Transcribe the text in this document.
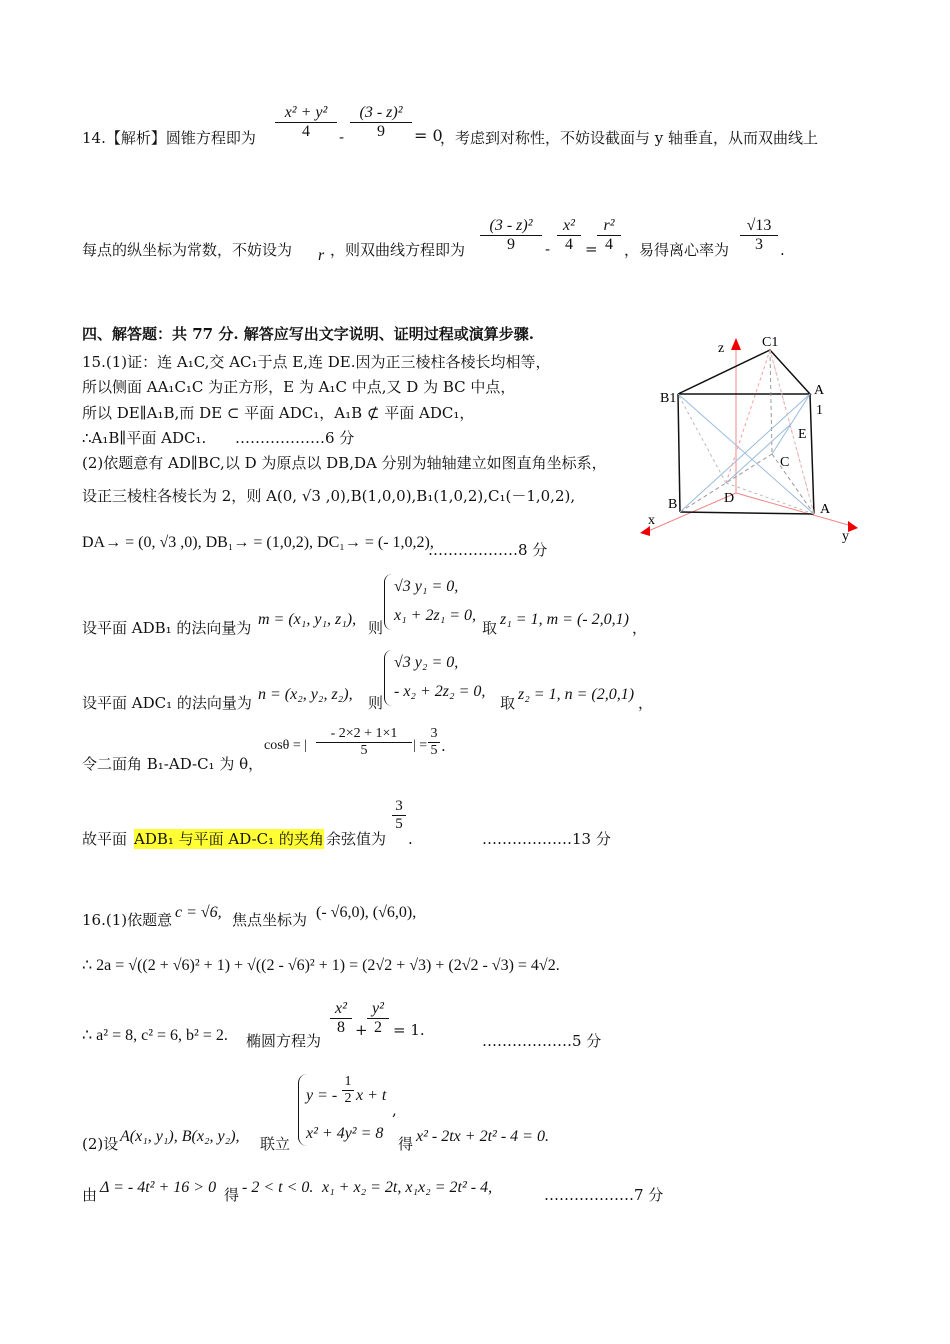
14.【解析】圆锥方程即为
x² + y²
4	-
(3 - z)²
9	= 0
，考虑到对称性，不妨设截面与 y 轴垂直，从而双曲线上
每点的纵坐标为常数，不妨设为 r ，则双曲线方程即为
(3 - z)²
9	-
x²
4 =
r²
4 ，易得离心率为
√13
3	.
四、解答题：共 77 分. 解答应写出文字说明、证明过程或演算步骤.
15.(1)证：连 A₁C,交 AC₁于点 E,连 DE.因为正三棱柱各棱长均相等，
所以侧面 AA₁C₁C 为正方形，E 为 A₁C 中点,又 D 为 BC 中点，
所以 DE∥A₁B,而 DE ⊂ 平面 ADC₁，A₁B ⊄ 平面 ADC₁，
∴A₁B∥平面 ADC₁. ………………6 分
(2)依题意有 AD∥BC,以 D 为原点以 DB,DA 分别为轴轴建立如图直角坐标系，
设正三棱柱各棱长为 2，则 A(0, √3 ,0),B(1,0,0),B₁(1,0,2),C₁(－1,0,2),
DA→ = (0, √3 ,0), DB₁→ = (1,0,2), DC₁→ = (- 1,0,2),
………………8 分
设平面 ADB₁ 的法向量为 m = (x₁, y₁, z₁), 则
√3 y₁ = 0,
x₁ + 2z₁ = 0,
取 z₁ = 1, m = (- 2,0,1) ，
设平面 ADC₁ 的法向量为 n = (x₂, y₂, z₂), 则
√3 y₂ = 0,
- x₂ + 2z₂ = 0,
取 z₂ = 1, n = (2,0,1) ，
cosθ = |
- 2×2 + 1×1
5	| =
3
5 .
令二面角 B₁-AD-C₁ 为 θ，
故平面 ADB₁ 与平面 AD-C₁ 的夹角 余弦值为
3
5
.	………………13 分
16.(1)依题意 c = √6, 焦点坐标为 (- √6,0), (√6,0),
∴ 2a = √((2 + √6)² + 1) + √((2 - √6)² + 1) = (2√2 + √3) + (2√2 - √3) = 4√2.
∴ a² = 8, c² = 6, b² = 2. 椭圆方程为
x²
8 +
y²
2 = 1.
………………5 分
y = -
1
2 x + t
,
x² + 4y² = 8
(2)设 A(x₁, y₁), B(x₂, y₂), 联立	得 x² - 2tx + 2t² - 4 = 0.
由 Δ = - 4t² + 16 > 0 得 - 2 < t < 0. x₁ + x₂ = 2t, x₁x₂ = 2t² - 4,	………………7 分
z	C1
B1
A
1
E
C
D
B	A
x
y
